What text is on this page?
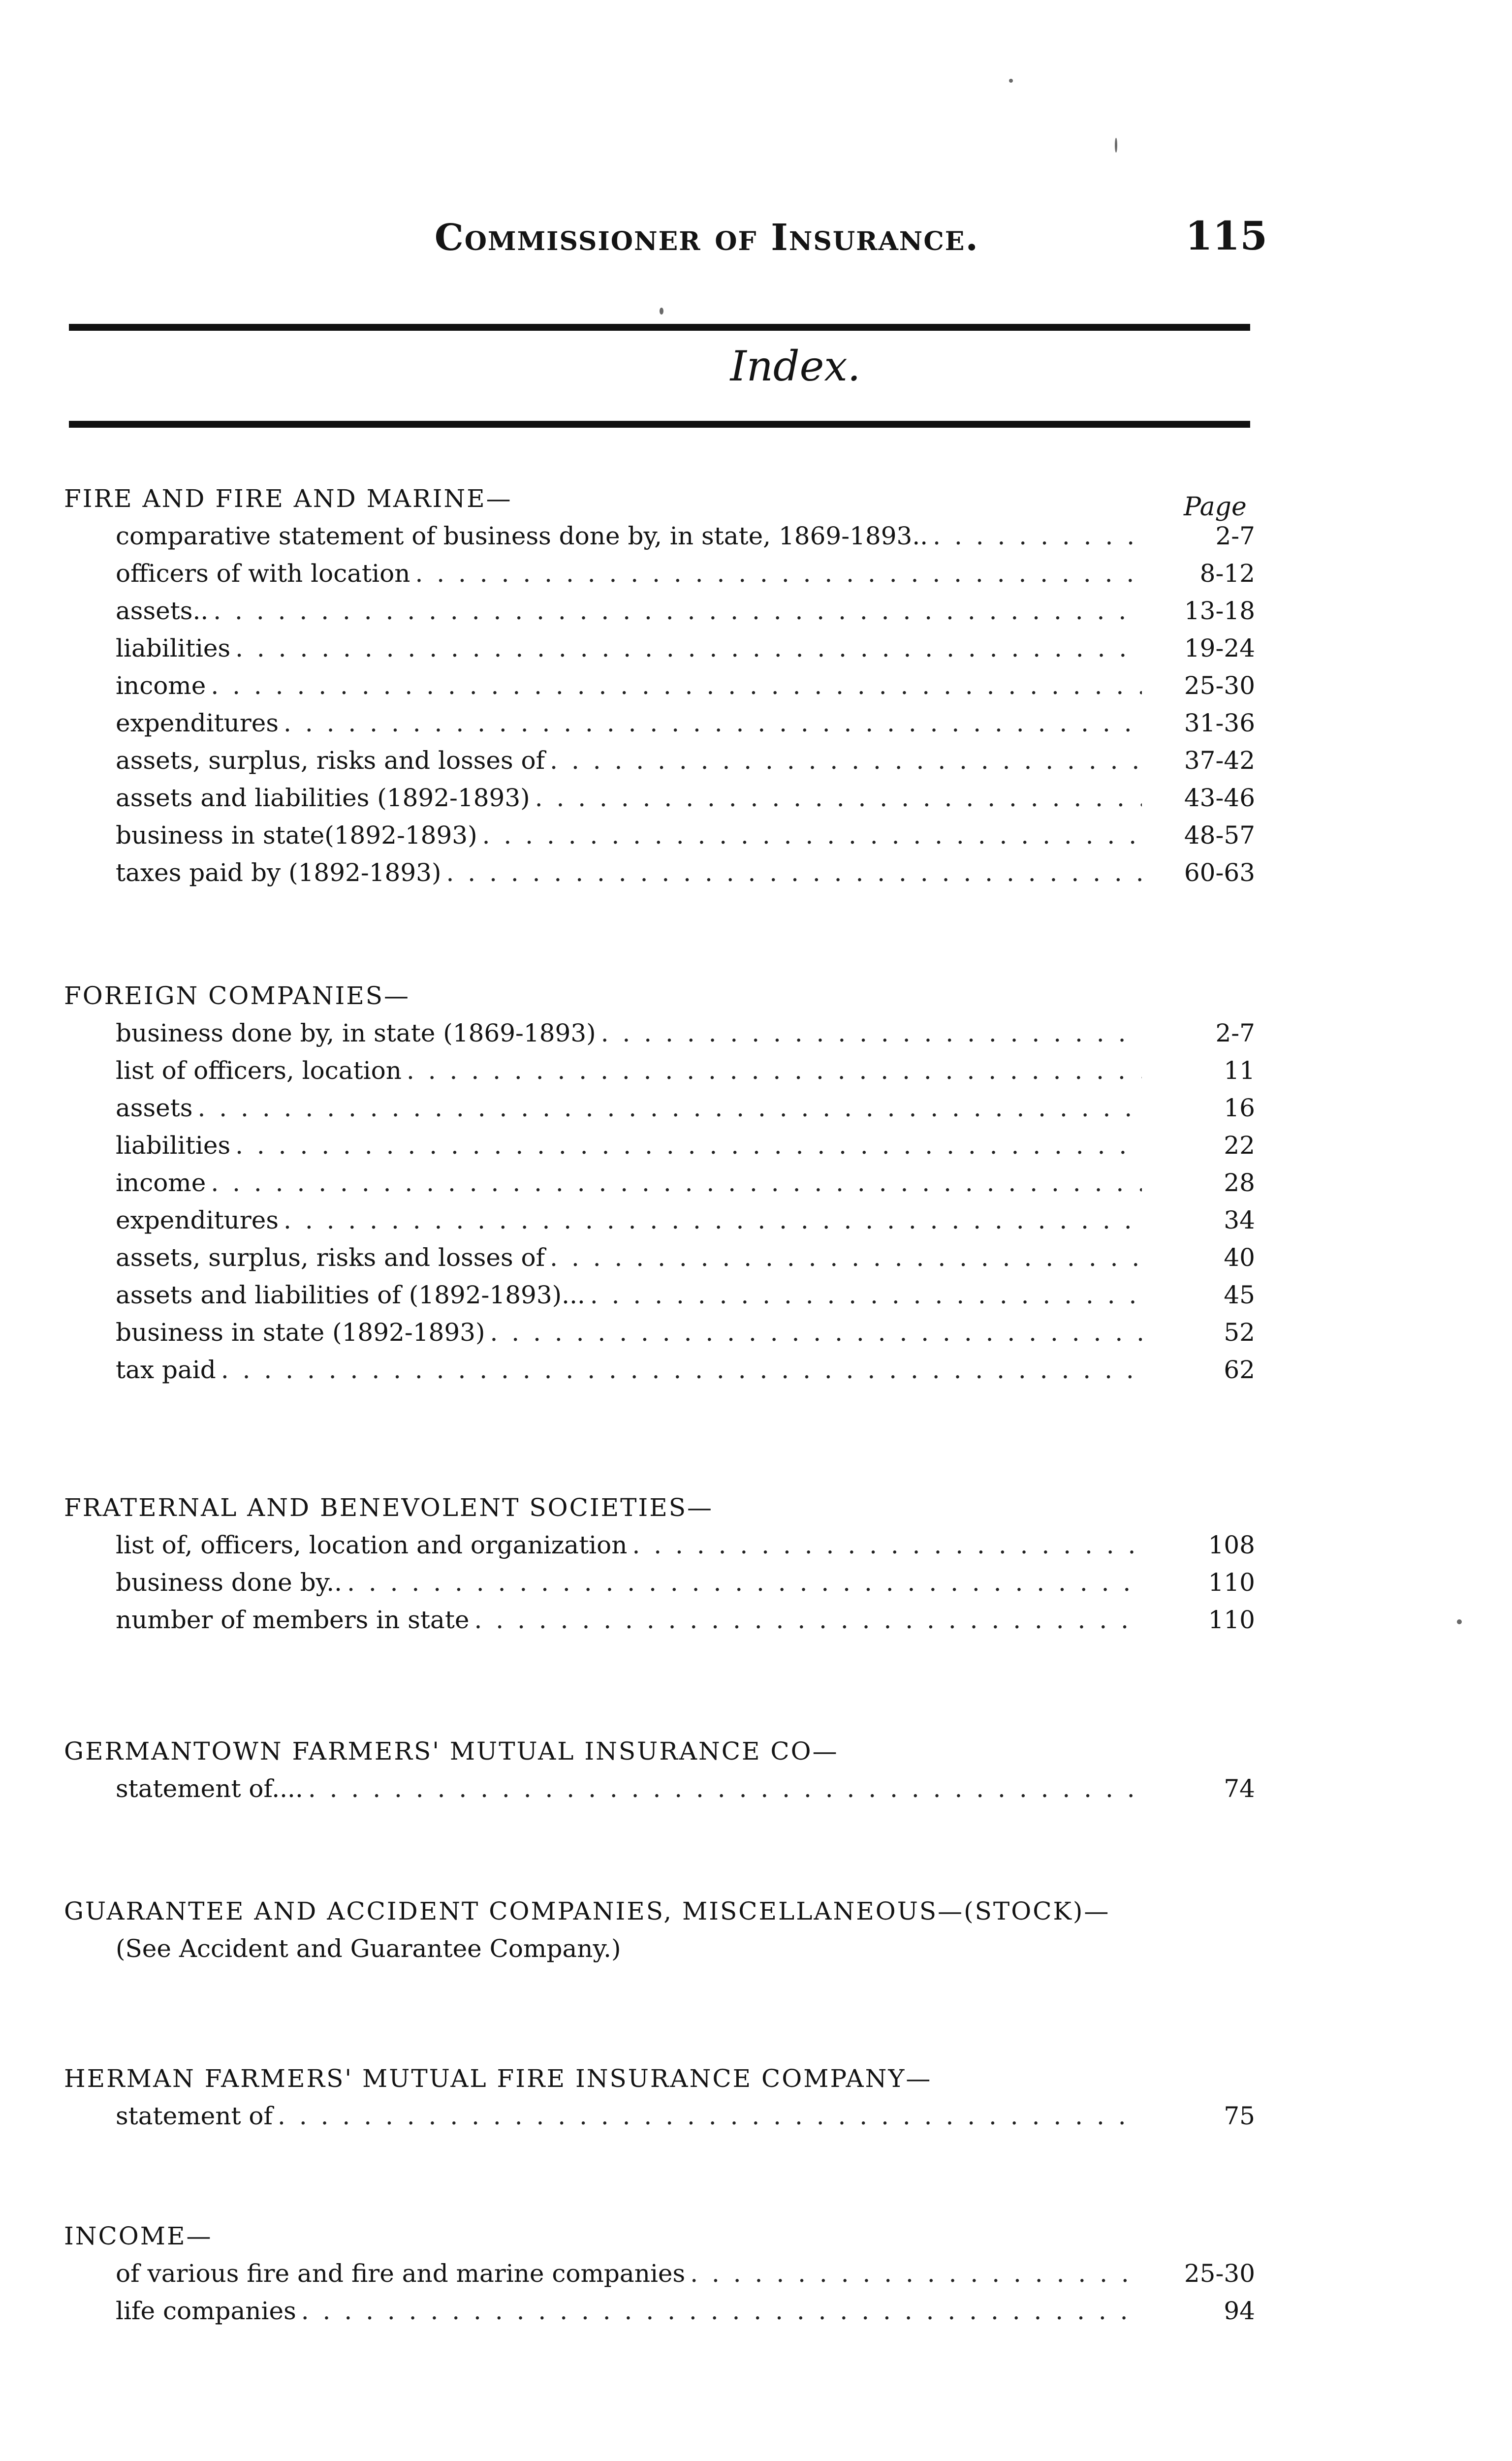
Commissioner of Insurance.	115
Index.
Page
FIRE AND FIRE AND MARINE—
comparative statement of business done by, in state, 1869-1893.. . . .	2-7
officers of with location . . .	8-12
assets.. . . .	13-18
liabilities . . .	19-24
income . . .	25-30
expenditures . . .	31-36
assets, surplus, risks and losses of . . .	37-42
assets and liabilities (1892-1893) . . .	43-46
business in state(1892-1893) . . .	48-57
taxes paid by (1892-1893) . . .	60-63
FOREIGN COMPANIES—
business done by, in state (1869-1893) . . .	2-7
list of officers, location . . .	11
assets . . .	16
liabilities . . .	22
income . . .	28
expenditures . . .	34
assets, surplus, risks and losses of . . .	40
assets and liabilities of (1892-1893)... . . .	45
business in state (1892-1893) . . .	52
tax paid . . .	62
FRATERNAL AND BENEVOLENT SOCIETIES—
list of, officers, location and organization . . .	108
business done by.. . . .	110
number of members in state . . .	110
GERMANTOWN FARMERS' MUTUAL INSURANCE CO—
statement of.... . . .	74
GUARANTEE AND ACCIDENT COMPANIES, MISCELLANEOUS—(STOCK)—
(See Accident and Guarantee Company.)
HERMAN FARMERS' MUTUAL FIRE INSURANCE COMPANY—
statement of . . .	75
INCOME—
of various fire and fire and marine companies . . .	25-30
life companies . . .	94
